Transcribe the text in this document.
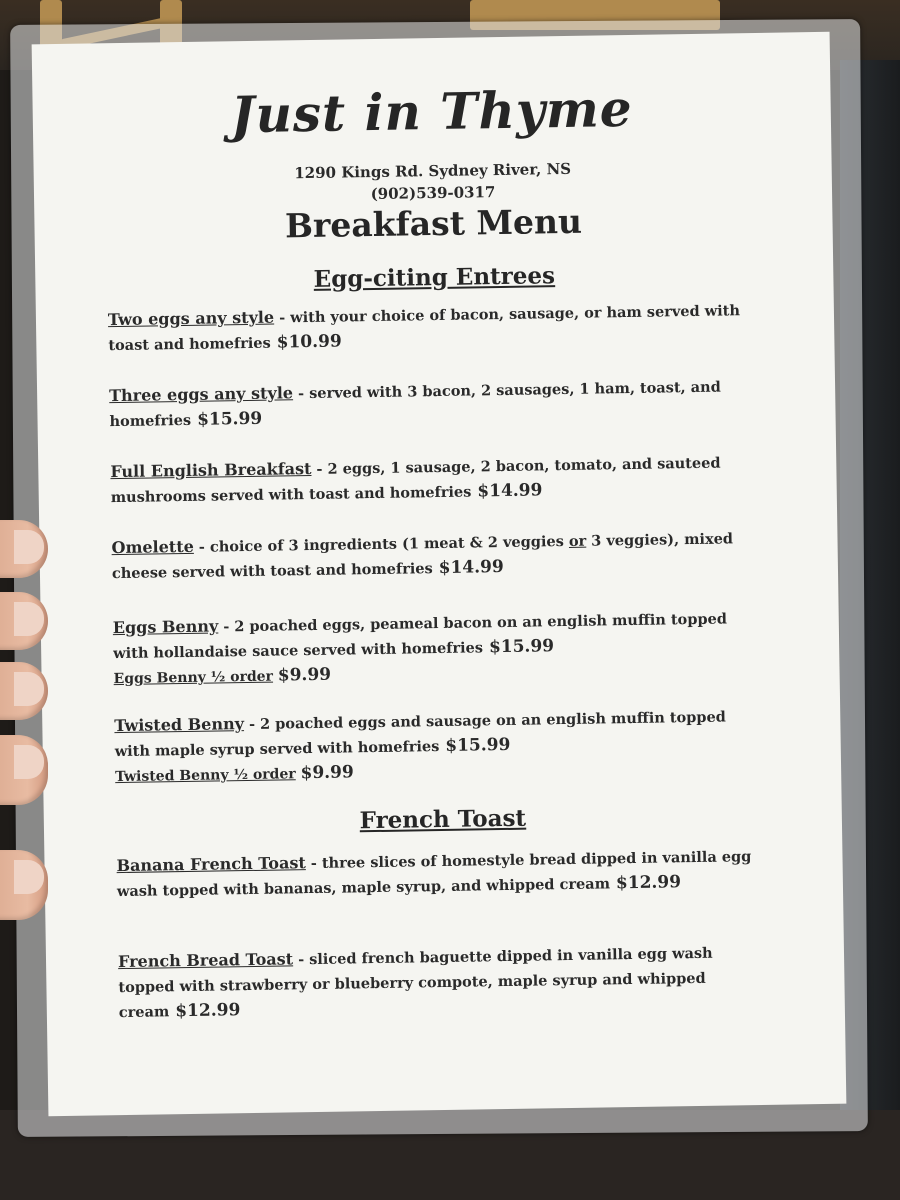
Just in Thyme
1290 Kings Rd. Sydney River, NS
(902)539-0317
Breakfast Menu
Egg-citing Entrees
Two eggs any style - with your choice of bacon, sausage, or ham served with toast and homefries $10.99
Three eggs any style - served with 3 bacon, 2 sausages, 1 ham, toast, and homefries $15.99
Full English Breakfast - 2 eggs, 1 sausage, 2 bacon, tomato, and sauteed mushrooms served with toast and homefries $14.99
Omelette - choice of 3 ingredients (1 meat & 2 veggies or 3 veggies), mixed cheese served with toast and homefries $14.99
Eggs Benny - 2 poached eggs, peameal bacon on an english muffin topped with hollandaise sauce served with homefries $15.99
Eggs Benny ½ order $9.99
Twisted Benny - 2 poached eggs and sausage on an english muffin topped with maple syrup served with homefries $15.99
Twisted Benny ½ order $9.99
French Toast
Banana French Toast - three slices of homestyle bread dipped in vanilla egg wash topped with bananas, maple syrup, and whipped cream $12.99
French Bread Toast - sliced french baguette dipped in vanilla egg wash topped with strawberry or blueberry compote, maple syrup and whipped cream $12.99
